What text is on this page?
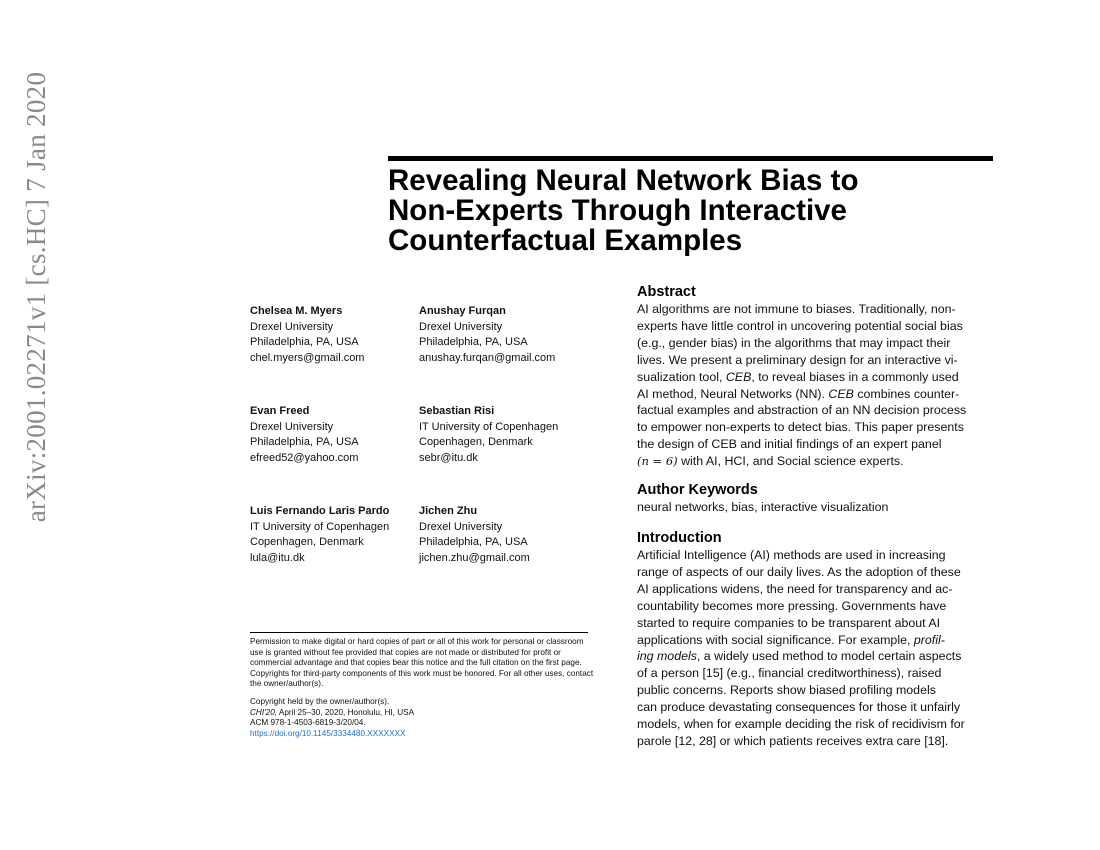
arXiv:2001.02271v1 [cs.HC] 7 Jan 2020	Revealing Neural Network Bias to
Non-Experts Through Interactive
Counterfactual Examples
Chelsea M. Myers
Drexel University
Philadelphia, PA, USA
chel.myers@gmail.com
Anushay Furqan
Drexel University
Philadelphia, PA, USA
anushay.furqan@gmail.com
Evan Freed
Drexel University
Philadelphia, PA, USA
efreed52@yahoo.com
Sebastian Risi
IT University of Copenhagen
Copenhagen, Denmark
sebr@itu.dk
Luis Fernando Laris Pardo
IT University of Copenhagen
Copenhagen, Denmark
lula@itu.dk
Jichen Zhu
Drexel University
Philadelphia, PA, USA
jichen.zhu@gmail.com

Permission to make digital or hard copies of part or all of this work for personal or classroom use is granted without fee provided that copies are not made or distributed for profit or commercial advantage and that copies bear this notice and the full citation on the first page. Copyrights for third-party components of this work must be honored. For all other uses, contact the owner/author(s).

Copyright held by the owner/author(s).
CHI'20, April 25–30, 2020, Honolulu, HI, USA
ACM 978-1-4503-6819-3/20/04.
https://doi.org/10.1145/3334480.XXXXXXX
Abstract

AI algorithms are not immune to biases. Traditionally, non-
experts have little control in uncovering potential social bias
(e.g., gender bias) in the algorithms that may impact their
lives. We present a preliminary design for an interactive vi-
sualization tool, CEB, to reveal biases in a commonly used
AI method, Neural Networks (NN). CEB combines counter-
factual examples and abstraction of an NN decision process
to empower non-experts to detect bias. This paper presents
the design of CEB and initial findings of an expert panel
(n = 6) with AI, HCI, and Social science experts.

Author Keywords

neural networks, bias, interactive visualization

Introduction

Artificial Intelligence (AI) methods are used in increasing
range of aspects of our daily lives. As the adoption of these
AI applications widens, the need for transparency and ac-
countability becomes more pressing. Governments have
started to require companies to be transparent about AI
applications with social significance. For example, profil-
ing models, a widely used method to model certain aspects
of a person [15] (e.g., financial creditworthiness), raised
public concerns. Reports show biased profiling models
can produce devastating consequences for those it unfairly
models, when for example deciding the risk of recidivism for
parole [12, 28] or which patients receives extra care [18].
